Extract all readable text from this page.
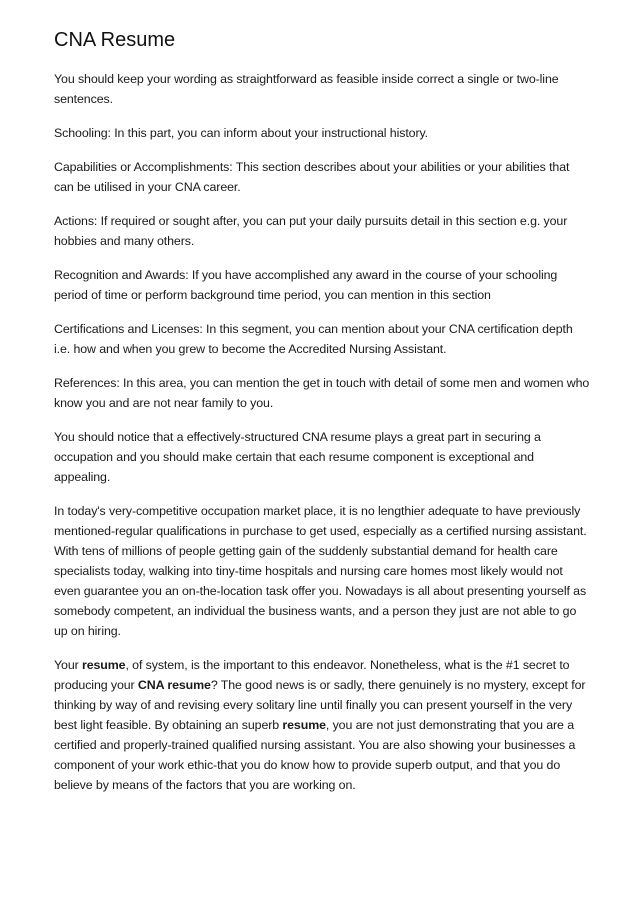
CNA Resume

You should keep your wording as straightforward as feasible inside correct a single or two-line sentences.

Schooling: In this part, you can inform about your instructional history.

Capabilities or Accomplishments: This section describes about your abilities or your abilities that can be utilised in your CNA career.

Actions: If required or sought after, you can put your daily pursuits detail in this section e.g. your hobbies and many others.

Recognition and Awards: If you have accomplished any award in the course of your schooling period of time or perform background time period, you can mention in this section

Certifications and Licenses: In this segment, you can mention about your CNA certification depth i.e. how and when you grew to become the Accredited Nursing Assistant.

References: In this area, you can mention the get in touch with detail of some men and women who know you and are not near family to you.

You should notice that a effectively-structured CNA resume plays a great part in securing a occupation and you should make certain that each resume component is exceptional and appealing.

In today's very-competitive occupation market place, it is no lengthier adequate to have previously mentioned-regular qualifications in purchase to get used, especially as a certified nursing assistant. With tens of millions of people getting gain of the suddenly substantial demand for health care specialists today, walking into tiny-time hospitals and nursing care homes most likely would not even guarantee you an on-the-location task offer you. Nowadays is all about presenting yourself as somebody competent, an individual the business wants, and a person they just are not able to go up on hiring.

Your resume, of system, is the important to this endeavor. Nonetheless, what is the #1 secret to producing your CNA resume? The good news is or sadly, there genuinely is no mystery, except for thinking by way of and revising every solitary line until finally you can present yourself in the very best light feasible. By obtaining an superb resume, you are not just demonstrating that you are a certified and properly-trained qualified nursing assistant. You are also showing your businesses a component of your work ethic-that you do know how to provide superb output, and that you do believe by means of the factors that you are working on.
